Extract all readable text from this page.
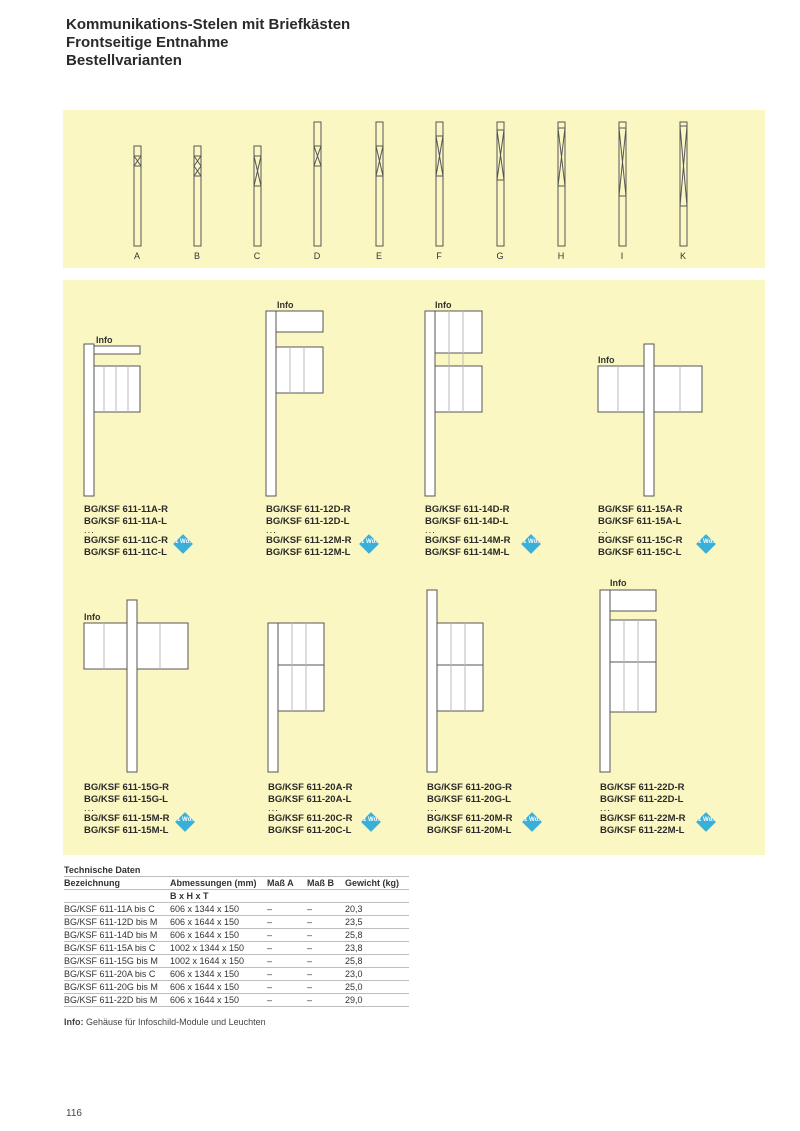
Kommunikations-Stelen mit Briefkästen
Frontseitige Entnahme
Bestellvarianten
A	B	C	D	E	F	G	H	I	K
Info
Info	Info
Info
Info
Info
BG/KSF 611-11A-R
BG/KSF 611-11A-L
...
BG/KSF 611-11C-R
BG/KSF 611-11C-L
1 Wo.
BG/KSF 611-12D-R
BG/KSF 611-12D-L
...
BG/KSF 611-12M-R
BG/KSF 611-12M-L
1 Wo.
BG/KSF 611-14D-R
BG/KSF 611-14D-L
...
BG/KSF 611-14M-R
BG/KSF 611-14M-L
1 Wo.
BG/KSF 611-15A-R
BG/KSF 611-15A-L
...
BG/KSF 611-15C-R
BG/KSF 611-15C-L
1 Wo.
BG/KSF 611-15G-R
BG/KSF 611-15G-L
...
BG/KSF 611-15M-R
BG/KSF 611-15M-L
1 Wo.
BG/KSF 611-20A-R
BG/KSF 611-20A-L
...
BG/KSF 611-20C-R
BG/KSF 611-20C-L
1 Wo.
BG/KSF 611-20G-R
BG/KSF 611-20G-L
...
BG/KSF 611-20M-R
BG/KSF 611-20M-L
1 Wo.
BG/KSF 611-22D-R
BG/KSF 611-22D-L
...
BG/KSF 611-22M-R
BG/KSF 611-22M-L
1 Wo.
Technische Daten				
Bezeichnung	Abmessungen (mm)	Maß A	Maß B	Gewicht (kg)
	B x H x T			
BG/KSF 611-11A bis C	606 x 1344 x 150	–	–	20,3
BG/KSF 611-12D bis M	606 x 1644 x 150	–	–	23,5
BG/KSF 611-14D bis M	606 x 1644 x 150	–	–	25,8
BG/KSF 611-15A bis C	1002 x 1344 x 150	–	–	23,8
BG/KSF 611-15G bis M	1002 x 1644 x 150	–	–	25,8
BG/KSF 611-20A bis C	606 x 1344 x 150	–	–	23,0
BG/KSF 611-20G bis M	606 x 1644 x 150	–	–	25,0
BG/KSF 611-22D bis M	606 x 1644 x 150	–	–	29,0
Info: Gehäuse für Infoschild-Module und Leuchten
116
